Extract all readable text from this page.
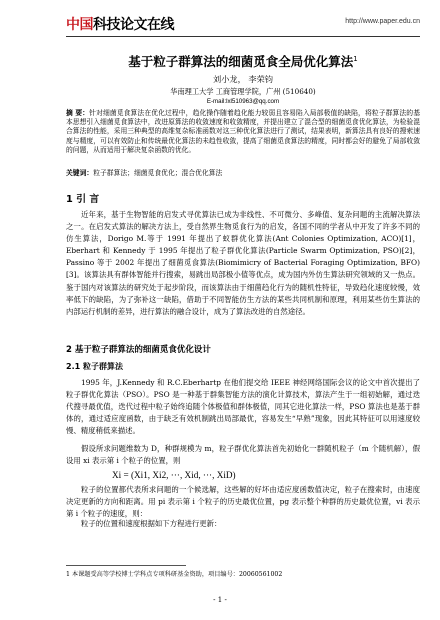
中国科技论文在线	http://www.paper.edu.cn
基于粒子群算法的细菌觅食全局优化算法$^1$
刘小龙， 李荣钧
华南理工大学 工商管理学院，广州 (510640)
E-mail:lxl510963@qq.com
摘 要：针对细菌觅食算法在优化过程中，趋化操作随着趋化能力较弱且容易陷入局部极值的缺陷，将粒子群算法的基本思想引入细菌觅食算法中，改进原算法的收敛速度和收敛精度，并提出建立了混合型的细菌觅食优化算法，为检验混合算法的性能，采用三种典型的高维复杂标准函数对这三种优化算法进行了测试，结果表明，新算法具有良好的搜索速度与精度，可以有效防止和传统最优化算法的未趋性收敛，提高了细菌觅食算法的精度，同时都会好的避免了局部收敛的问题，从而适用于解决复杂函数的优化。
关键词：粒子群算法；细菌觅食优化；混合优化算法
1 引 言
近年来，基于生物智能的启发式寻优算法已成为非线性、不可微分、多峰值、复杂问题的主流解决算法之一。在启发式算法的解决方法上，受自然界生物觅食行为的启发，各国不同的学者从中开发了许多不同的仿生算法，Dorigo M.等于 1991 年提出了蚁群优化算法(Ant Colonies Optimization, ACO)[1]，Eberhart 和 Kennedy 于 1995 年提出了粒子群优化算法(Particle Swarm Optimization, PSO)[2]，Passino 等于 2002 年提出了细菌觅食算法(Biomimicry of Bacterial Foraging Optimization, BFO)[3]。该算法具有群体智能并行搜索，易跳出局部极小值等优点，成为国内外仿生算法研究领域的又一热点。鉴于国内对该算法的研究处于起步阶段，而该算法由于细菌趋化行为的随机性特征，导致趋化速度较慢，效率低下的缺陷，为了弥补这一缺陷，借助于不同智能仿生方法的某些共同机制和原理，利用某些仿生算法的内部运行机制的差异，进行算法的融合设计，成为了算法改进的自然途径。
2 基于粒子群算法的细菌觅食优化设计
2.1 粒子群算法
1995 年，J.Kennedy 和 R.C.Eberhartp 在他们提交给 IEEE 神经网络国际会议的论文中首次提出了粒子群优化算法（PSO）。PSO 是一种基于群集智能方法的演化计算技术，算法产生于一组初始解，通过迭代搜寻最优值，迭代过程中粒子始终追随个体极值和群体极值，同其它进化算法一样，PSO 算法也是基于群体的，通过适应度函数，由于缺乏有效机制跳出局部最优，容易发生“早熟”现象，因此其特征可以用速度较慢、精度稍低来描述。
假设所求问题维数为 D，种群规模为 m，粒子群优化算法首先初始化一群随机粒子（m 个随机解），假设用 xi 表示第 i 个粒子的位置，则
Xi = (Xi1, Xi2, ···, Xid, ···, XiD)
粒子的位置都代表所求问题的一个候选解，这些解的好坏由适应度函数值决定，粒子在搜索时，由速度决定更新的方向和距离。用 pi 表示第 i 个粒子的历史最优位置，pg 表示整个种群的历史最优位置，vi 表示第 i 个粒子的速度，则：
粒子的位置和速度根据如下方程进行更新：
1 本课题受高等学校博士学科点专项科研基金资助，项目编号：20060561002
- 1 -
